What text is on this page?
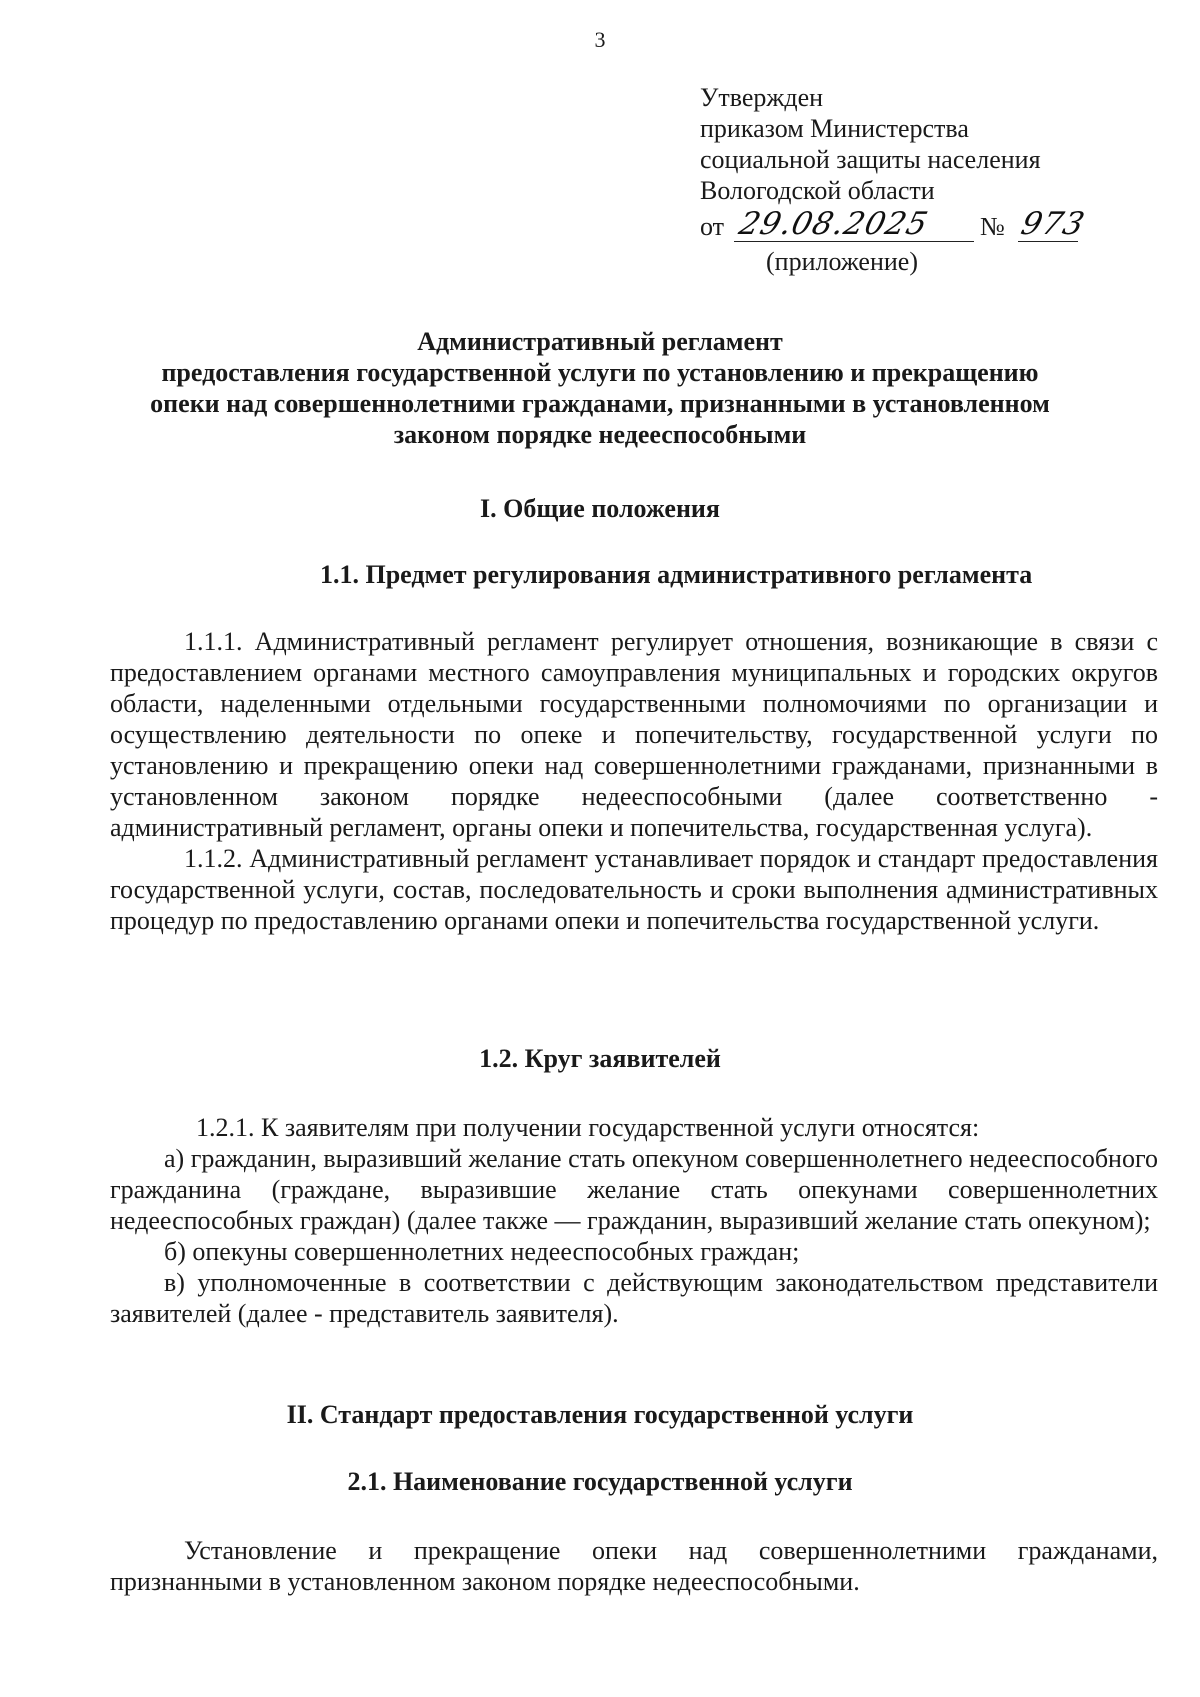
3
Утвержден
приказом Министерства
социальной защиты населения
Вологодской области
от 29.08.2025 № 973
(приложение)
Административный регламент
предоставления государственной услуги по установлению и прекращению
опеки над совершеннолетними гражданами, признанными в установленном
законом порядке недееспособными
I. Общие положения
1.1. Предмет регулирования административного регламента

1.1.1. Административный регламент регулирует отношения, возникающие в связи с предоставлением органами местного самоуправления муниципальных и городских округов области, наделенными отдельными государственными полномочиями по организации и осуществлению деятельности по опеке и попечительству, государственной услуги по установлению и прекращению опеки над совершеннолетними гражданами, признанными в установленном законом порядке недееспособными (далее соответственно - административный регламент, органы опеки и попечительства, государственная услуга).

1.1.2. Административный регламент устанавливает порядок и стандарт предоставления государственной услуги, состав, последовательность и сроки выполнения административных процедур по предоставлению органами опеки и попечительства государственной услуги.

1.2. Круг заявителей

1.2.1. К заявителям при получении государственной услуги относятся:

а) гражданин, выразивший желание стать опекуном совершеннолетнего недееспособного гражданина (граждане, выразившие желание стать опекунами совершеннолетних недееспособных граждан) (далее также — гражданин, выразивший желание стать опекуном);

б) опекуны совершеннолетних недееспособных граждан;

в) уполномоченные в соответствии с действующим законодательством представители заявителей (далее - представитель заявителя).

II. Стандарт предоставления государственной услуги
2.1. Наименование государственной услуги

Установление и прекращение опеки над совершеннолетними гражданами, признанными в установленном законом порядке недееспособными.
